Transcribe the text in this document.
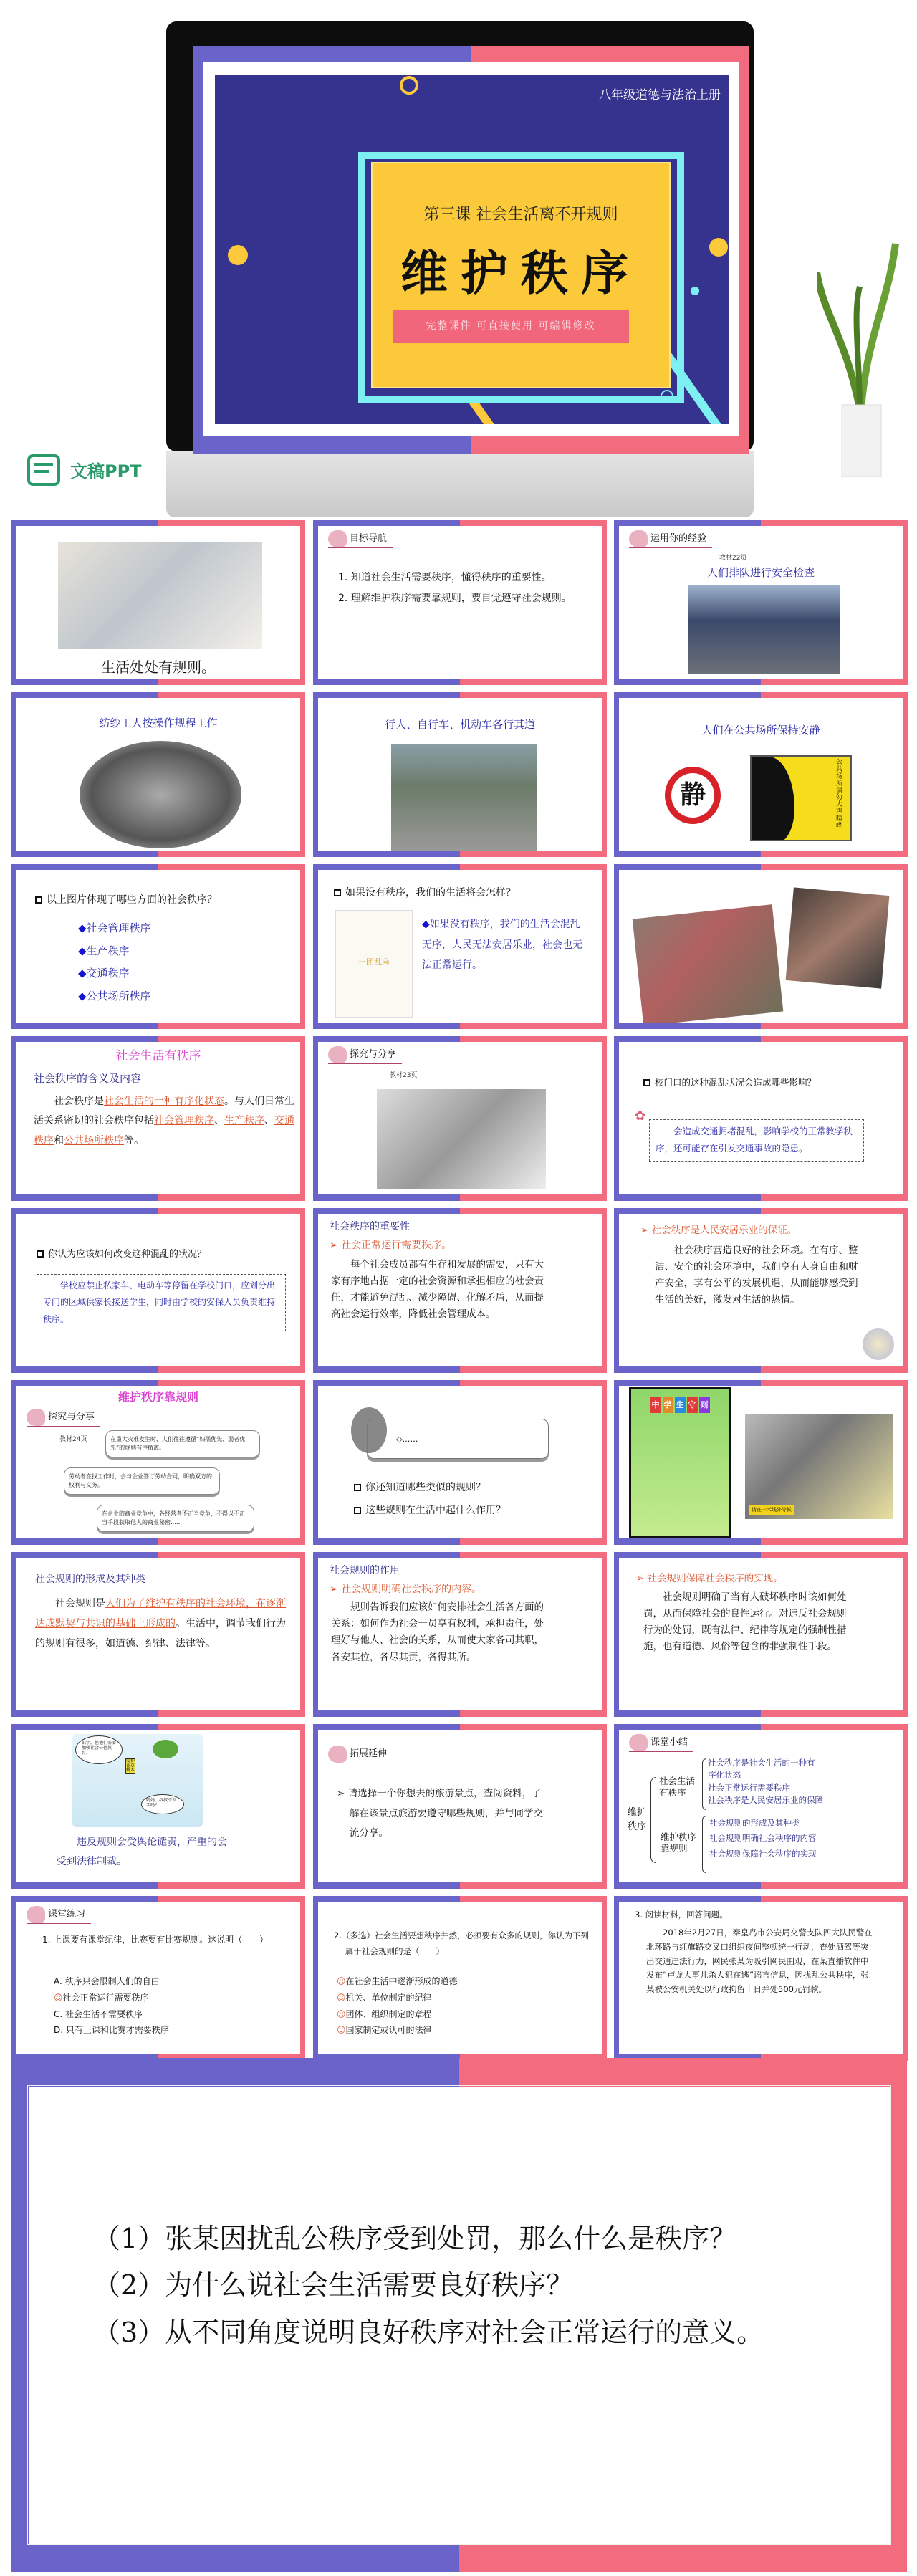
第三课 社会生活离不开规则
维护秩序
完整课件 可直接使用 可编辑修改
八年级道德与法治上册
文稿PPT
生活处处有规则。
目标导航
1. 知道社会生活需要秩序，懂得秩序的重要性。
2. 理解维护秩序需要靠规则，要自觉遵守社会规则。
运用你的经验
教材22页
人们排队进行安全检查
纺纱工人按操作规程工作	行人、自行车、机动车各行其道	人们在公共场所保持安静
静
公共场所 请勿大声喧哗
以上图片体现了哪些方面的社会秩序？
◆社会管理秩序
◆生产秩序
◆交通秩序
◆公共场所秩序
如果没有秩序，我们的生活将会怎样？
一团乱麻
◆如果没有秩序，我们的生活会混乱无序，人民无法安居乐业，社会也无法正常运行。
社会生活有秩序
社会秩序的含义及内容
社会秩序是社会生活的一种有序化状态。与人们日常生活关系密切的社会秩序包括社会管理秩序、生产秩序、交通秩序和公共场所秩序等。
探究与分享
教材23页
校门口的这种混乱状况会造成哪些影响？
✿
会造成交通拥堵混乱，影响学校的正常教学秩序，还可能存在引发交通事故的隐患。
你认为应该如何改变这种混乱的状况？
学校应禁止私家车、电动车等停留在学校门口，应划分出专门的区域供家长接送学生，同时由学校的安保人员负责维持秩序。
社会秩序的重要性
➢ 社会正常运行需要秩序。
每个社会成员都有生存和发展的需要，只有大家有序地占据一定的社会资源和承担相应的社会责任，才能避免混乱、减少障碍、化解矛盾，从而提高社会运行效率，降低社会管理成本。
➢ 社会秩序是人民安居乐业的保证。
社会秩序营造良好的社会环境。在有序、整洁、安全的社会环境中，我们享有人身自由和财产安全，享有公平的发展机遇，从而能够感受到生活的美好，激发对生活的热情。
维护秩序靠规则
探究与分享
教材24页	在重大灾难发生时，人们往往遵循“妇孺优先、弱者优先”的规则有序撤离。
劳动者在找工作时，会与企业签订劳动合同，明确双方的权利与义务。
在企业的商业竞争中，各经营者不正当竞争，不得以不正当手段获取他人的商业秘密……
◇……
你还知道哪些类似的规则？
这些规则在生活中起什么作用？
中 学 生 守 则
请在一米线外等候
社会规则的形成及其种类
社会规则是人们为了维护有秩序的社会环境，在逐渐达成默契与共识的基础上形成的。生活中，调节我们行为的规则有很多，如道德、纪律、法律等。
社会规则的作用
➢ 社会规则明确社会秩序的内容。
规则告诉我们应该如何安排社会生活各方面的关系：如何作为社会一员享有权利，承担责任，处理好与他人、社会的关系，从而使大家各司其职，各安其位，各尽其责，各得其所。
➢ 社会规则保障社会秩序的实现。
社会规则明确了当有人破坏秩序时该如何处罚，从而保障社会的良性运行。对违反社会规则行为的处罚，既有法律、纪律等规定的强制性措施，也有道德、风俗等包含的非强制性手段。
识字，但他们需要加强社会公德教育。
爱护花草树木
妈妈，叔叔不识字吗？
违反规则会受舆论谴责，严重的会受到法律制裁。
拓展延伸
➢ 请选择一个你想去的旅游景点，查阅资料，了解在该景点旅游要遵守哪些规则，并与同学交流分享。
课堂小结
维护秩序
社会生活有秩序
维护秩序靠规则
社会秩序是社会生活的一种有序化状态
社会正常运行需要秩序
社会秩序是人民安居乐业的保障
社会规则的形成及其种类
社会规则明确社会秩序的内容
社会规则保障社会秩序的实现
课堂练习
1. 上课要有课堂纪律，比赛要有比赛规则。这说明（　　）
A. 秩序只会限制人们的自由
☺社会正常运行需要秩序
C. 社会生活不需要秩序
D. 只有上课和比赛才需要秩序
2.（多选）社会生活要想秩序井然，必须要有众多的规则，你认为下列属于社会规则的是（　　）
☺在社会生活中逐渐形成的道德
☺机关、单位制定的纪律
☺团体、组织制定的章程
☺国家制定或认可的法律
3. 阅读材料，回答问题。
2018年2月27日，秦皇岛市公安局交警支队四大队民警在北环路与红旗路交叉口组织夜间整顿统一行动，查处酒驾等突出交通违法行为，网民张某为吸引网民围观，在某直播软件中发布“卢龙大事儿杀人犯在逃”谣言信息，因扰乱公共秩序，张某被公安机关处以行政拘留十日并处500元罚款。
（1）张某因扰乱公秩序受到处罚，那么什么是秩序？
（2）为什么说社会生活需要良好秩序？
（3）从不同角度说明良好秩序对社会正常运行的意义。
